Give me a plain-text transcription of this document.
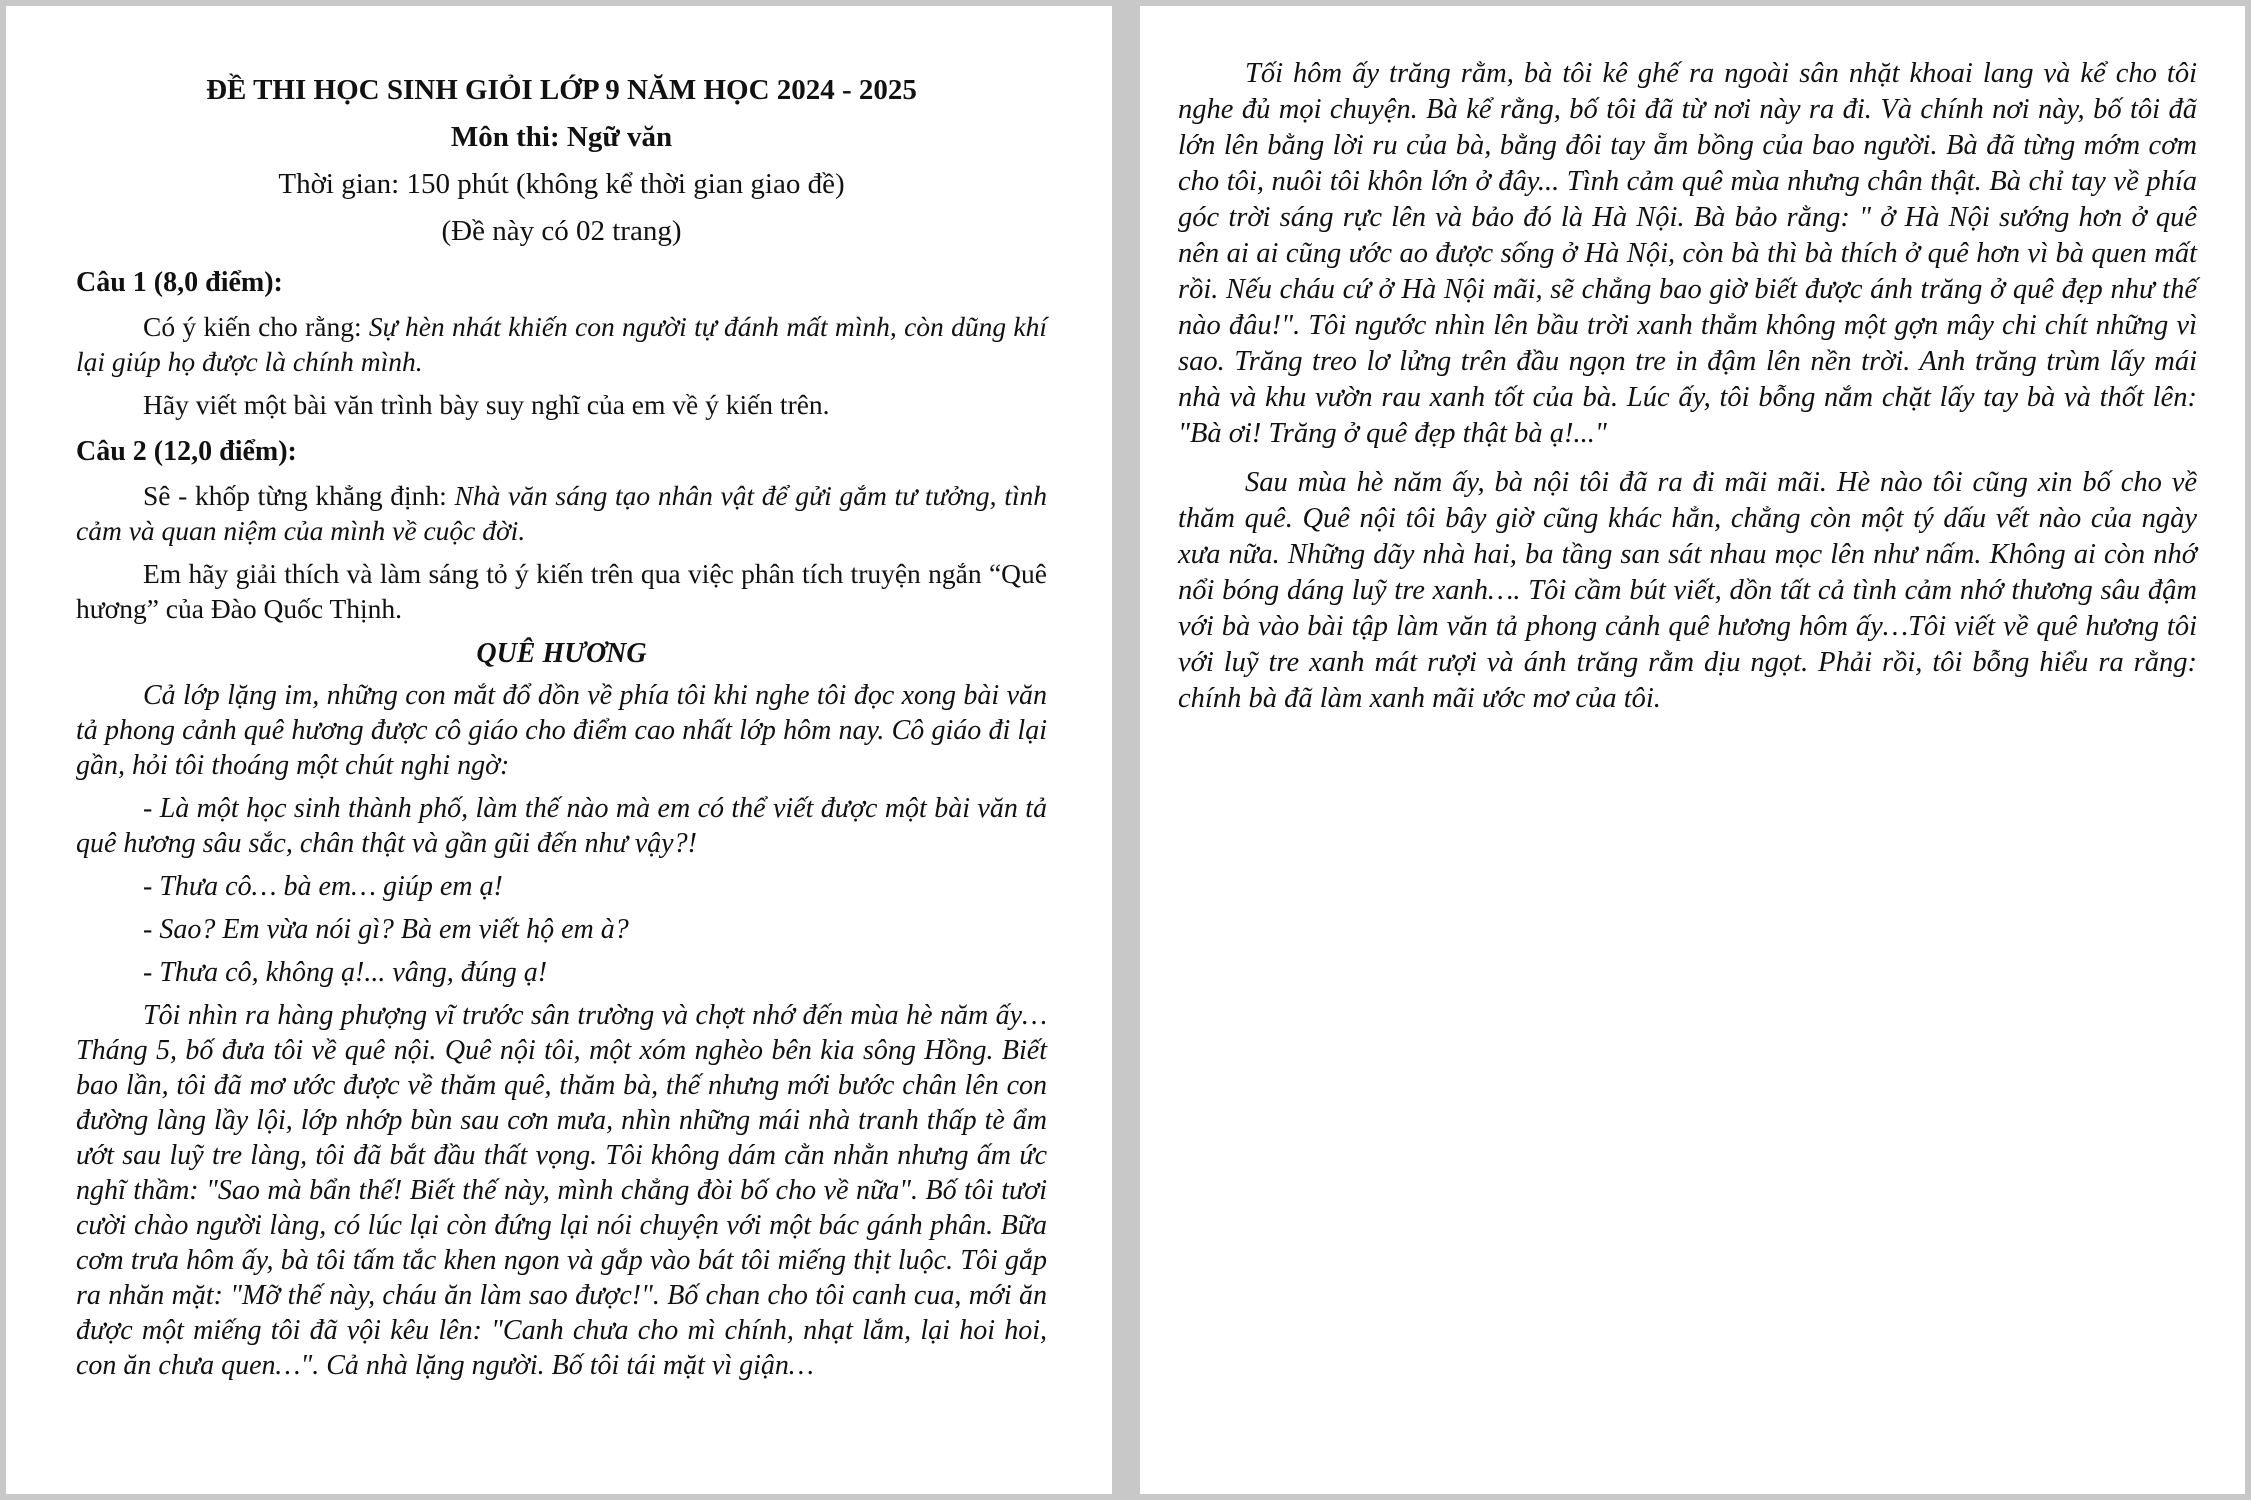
ĐỀ THI HỌC SINH GIỎI LỚP 9 NĂM HỌC 2024 - 2025
Môn thi: Ngữ văn
Thời gian: 150 phút (không kể thời gian giao đề)
(Đề này có 02 trang)
Câu 1 (8,0 điểm):

Có ý kiến cho rằng: Sự hèn nhát khiến con người tự đánh mất mình, còn dũng khí lại giúp họ được là chính mình.

Hãy viết một bài văn trình bày suy nghĩ của em về ý kiến trên.

Câu 2 (12,0 điểm):

Sê - khốp từng khẳng định: Nhà văn sáng tạo nhân vật để gửi gắm tư tưởng, tình cảm và quan niệm của mình về cuộc đời.

Em hãy giải thích và làm sáng tỏ ý kiến trên qua việc phân tích truyện ngắn “Quê hương” của Đào Quốc Thịnh.

QUÊ HƯƠNG

Cả lớp lặng im, những con mắt đổ dồn về phía tôi khi nghe tôi đọc xong bài văn tả phong cảnh quê hương được cô giáo cho điểm cao nhất lớp hôm nay. Cô giáo đi lại gần, hỏi tôi thoáng một chút nghi ngờ:

- Là một học sinh thành phố, làm thế nào mà em có thể viết được một bài văn tả quê hương sâu sắc, chân thật và gần gũi đến như vậy?!

- Thưa cô… bà em… giúp em ạ!

- Sao? Em vừa nói gì? Bà em viết hộ em à?

- Thưa cô, không ạ!... vâng, đúng ạ!

Tôi nhìn ra hàng phượng vĩ trước sân trường và chợt nhớ đến mùa hè năm ấy… Tháng 5, bố đưa tôi về quê nội. Quê nội tôi, một xóm nghèo bên kia sông Hồng. Biết bao lần, tôi đã mơ ước được về thăm quê, thăm bà, thế nhưng mới bước chân lên con đường làng lầy lội, lớp nhớp bùn sau cơn mưa, nhìn những mái nhà tranh thấp tè ẩm ướt sau luỹ tre làng, tôi đã bắt đầu thất vọng. Tôi không dám cằn nhằn nhưng ấm ức nghĩ thầm: "Sao mà bẩn thế! Biết thế này, mình chẳng đòi bố cho về nữa". Bố tôi tươi cười chào người làng, có lúc lại còn đứng lại nói chuyện với một bác gánh phân. Bữa cơm trưa hôm ấy, bà tôi tấm tắc khen ngon và gắp vào bát tôi miếng thịt luộc. Tôi gắp ra nhăn mặt: "Mỡ thế này, cháu ăn làm sao được!". Bố chan cho tôi canh cua, mới ăn được một miếng tôi đã vội kêu lên: "Canh chưa cho mì chính, nhạt lắm, lại hoi hoi, con ăn chưa quen…". Cả nhà lặng người. Bố tôi tái mặt vì giận…

Tối hôm ấy trăng rằm, bà tôi kê ghế ra ngoài sân nhặt khoai lang và kể cho tôi nghe đủ mọi chuyện. Bà kể rằng, bố tôi đã từ nơi này ra đi. Và chính nơi này, bố tôi đã lớn lên bằng lời ru của bà, bằng đôi tay ẵm bồng của bao người. Bà đã từng mớm cơm cho tôi, nuôi tôi khôn lớn ở đây... Tình cảm quê mùa nhưng chân thật. Bà chỉ tay về phía góc trời sáng rực lên và bảo đó là Hà Nội. Bà bảo rằng: " ở Hà Nội sướng hơn ở quê nên ai ai cũng ước ao được sống ở Hà Nội, còn bà thì bà thích ở quê hơn vì bà quen mất rồi. Nếu cháu cứ ở Hà Nội mãi, sẽ chẳng bao giờ biết được ánh trăng ở quê đẹp như thế nào đâu!". Tôi ngước nhìn lên bầu trời xanh thẳm không một gợn mây chi chít những vì sao. Trăng treo lơ lửng trên đầu ngọn tre in đậm lên nền trời. Anh trăng trùm lấy mái nhà và khu vườn rau xanh tốt của bà. Lúc ấy, tôi bỗng nắm chặt lấy tay bà và thốt lên: "Bà ơi! Trăng ở quê đẹp thật bà ạ!..."

Sau mùa hè năm ấy, bà nội tôi đã ra đi mãi mãi. Hè nào tôi cũng xin bố cho về thăm quê. Quê nội tôi bây giờ cũng khác hẳn, chẳng còn một tý dấu vết nào của ngày xưa nữa. Những dãy nhà hai, ba tầng san sát nhau mọc lên như nấm. Không ai còn nhớ nổi bóng dáng luỹ tre xanh…. Tôi cầm bút viết, dồn tất cả tình cảm nhớ thương sâu đậm với bà vào bài tập làm văn tả phong cảnh quê hương hôm ấy…Tôi viết về quê hương tôi với luỹ tre xanh mát rượi và ánh trăng rằm dịu ngọt. Phải rồi, tôi bỗng hiểu ra rằng: chính bà đã làm xanh mãi ước mơ của tôi.
